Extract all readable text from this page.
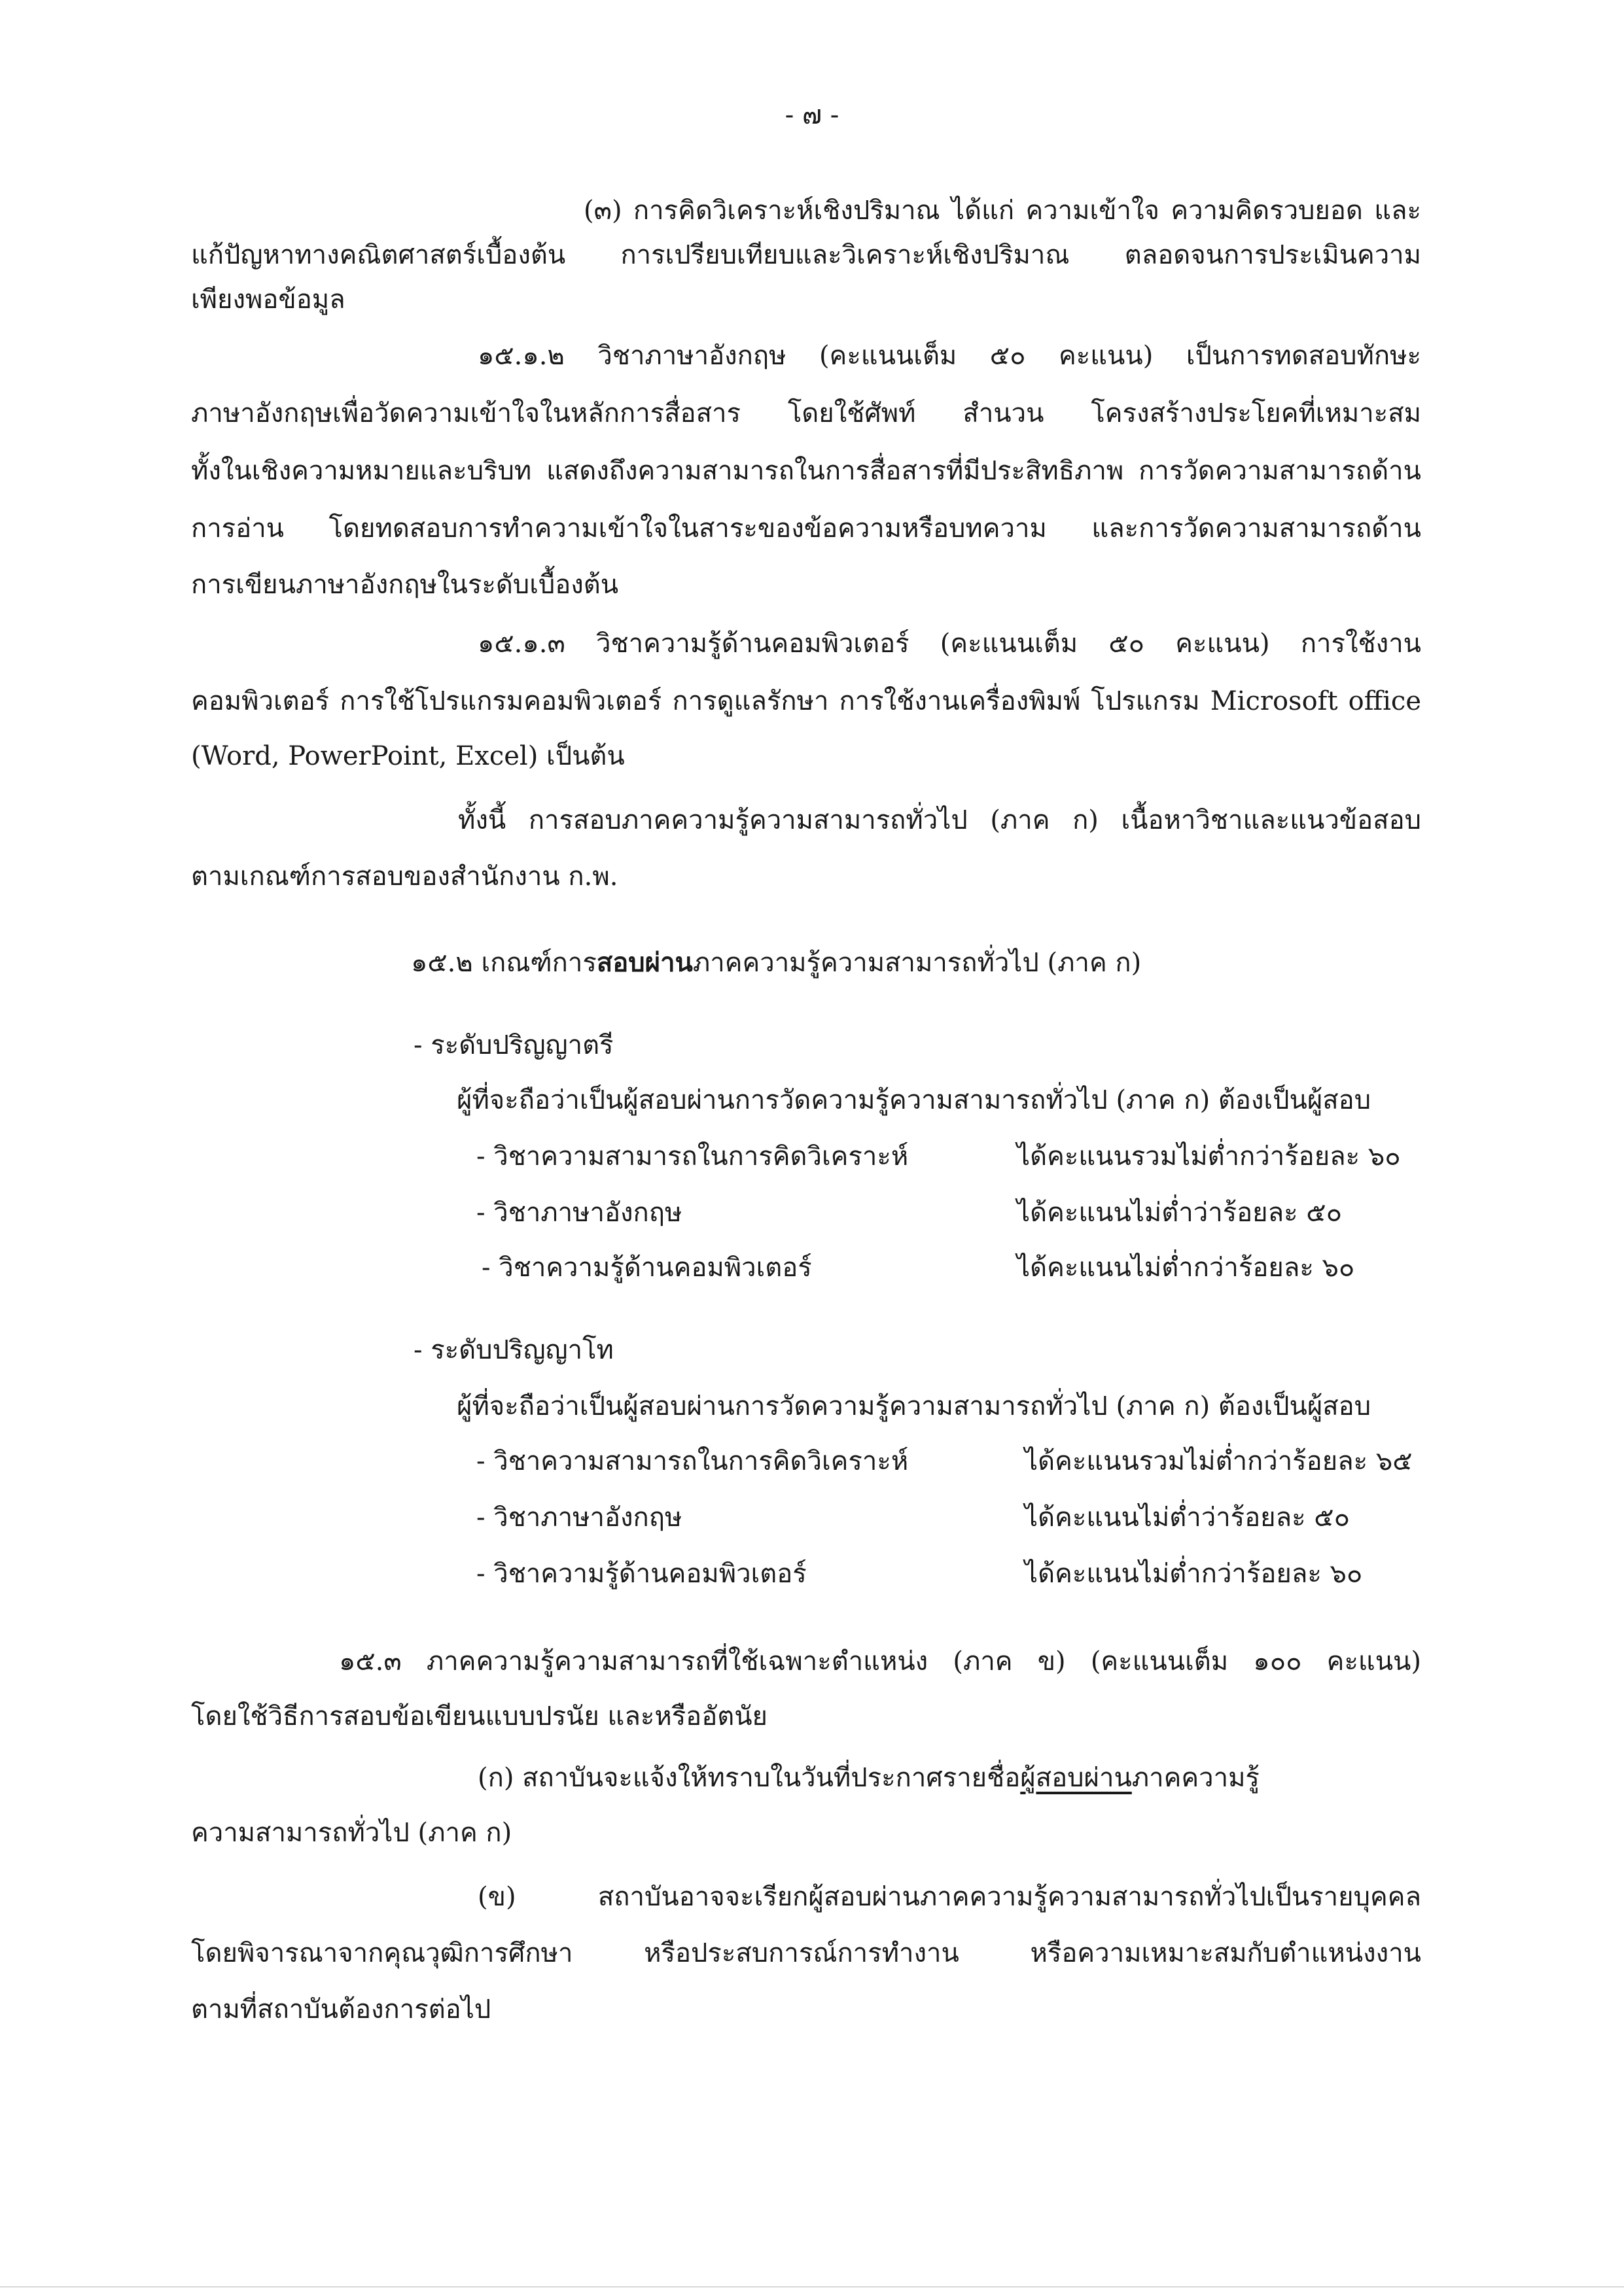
- ๗ -
(๓) การคิดวิเคราะห์เชิงปริมาณ ได้แก่ ความเข้าใจ ความคิดรวบยอด และ
แก้ปัญหาทางคณิตศาสตร์เบื้องต้น การเปรียบเทียบและวิเคราะห์เชิงปริมาณ ตลอดจนการประเมินความ
เพียงพอข้อมูล
๑๕.๑.๒ วิชาภาษาอังกฤษ (คะแนนเต็ม ๕๐ คะแนน) เป็นการทดสอบทักษะ
ภาษาอังกฤษเพื่อวัดความเข้าใจในหลักการสื่อสาร โดยใช้ศัพท์ สำนวน โครงสร้างประโยคที่เหมาะสม
ทั้งในเชิงความหมายและบริบท แสดงถึงความสามารถในการสื่อสารที่มีประสิทธิภาพ การวัดความสามารถด้าน
การอ่าน โดยทดสอบการทำความเข้าใจในสาระของข้อความหรือบทความ และการวัดความสามารถด้าน
การเขียนภาษาอังกฤษในระดับเบื้องต้น
๑๕.๑.๓ วิชาความรู้ด้านคอมพิวเตอร์ (คะแนนเต็ม ๕๐ คะแนน) การใช้งาน
คอมพิวเตอร์ การใช้โปรแกรมคอมพิวเตอร์ การดูแลรักษา การใช้งานเครื่องพิมพ์ โปรแกรม Microsoft office
(Word, PowerPoint, Excel) เป็นต้น
ทั้งนี้ การสอบภาคความรู้ความสามารถทั่วไป (ภาค ก) เนื้อหาวิชาและแนวข้อสอบ
ตามเกณฑ์การสอบของสำนักงาน ก.พ.
๑๕.๒ เกณฑ์การสอบผ่านภาคความรู้ความสามารถทั่วไป (ภาค ก)
- ระดับปริญญาตรี
ผู้ที่จะถือว่าเป็นผู้สอบผ่านการวัดความรู้ความสามารถทั่วไป (ภาค ก) ต้องเป็นผู้สอบ
- วิชาความสามารถในการคิดวิเคราะห์	ได้คะแนนรวมไม่ต่ำกว่าร้อยละ ๖๐
- วิชาภาษาอังกฤษ	ได้คะแนนไม่ต่ำว่าร้อยละ ๕๐
- วิชาความรู้ด้านคอมพิวเตอร์	ได้คะแนนไม่ต่ำกว่าร้อยละ ๖๐
- ระดับปริญญาโท
ผู้ที่จะถือว่าเป็นผู้สอบผ่านการวัดความรู้ความสามารถทั่วไป (ภาค ก) ต้องเป็นผู้สอบ
- วิชาความสามารถในการคิดวิเคราะห์	ได้คะแนนรวมไม่ต่ำกว่าร้อยละ ๖๕
- วิชาภาษาอังกฤษ	ได้คะแนนไม่ต่ำว่าร้อยละ ๕๐
- วิชาความรู้ด้านคอมพิวเตอร์	ได้คะแนนไม่ต่ำกว่าร้อยละ ๖๐
๑๕.๓ ภาคความรู้ความสามารถที่ใช้เฉพาะตำแหน่ง (ภาค ข) (คะแนนเต็ม ๑๐๐ คะแนน)
โดยใช้วิธีการสอบข้อเขียนแบบปรนัย และหรืออัตนัย
(ก) สถาบันจะแจ้งให้ทราบในวันที่ประกาศรายชื่อผู้สอบผ่านภาคความรู้
ความสามารถทั่วไป (ภาค ก)
(ข) สถาบันอาจจะเรียกผู้สอบผ่านภาคความรู้ความสามารถทั่วไปเป็นรายบุคคล
โดยพิจารณาจากคุณวุฒิการศึกษา หรือประสบการณ์การทำงาน หรือความเหมาะสมกับตำแหน่งงาน
ตามที่สถาบันต้องการต่อไป
